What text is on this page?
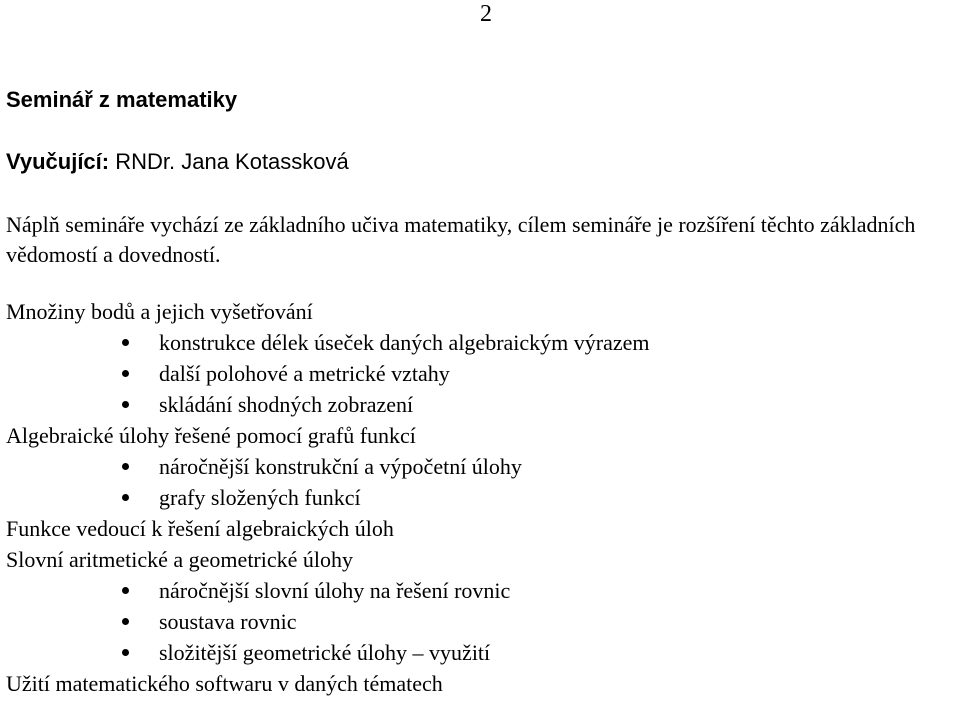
2
Seminář z matematiky
Vyučující: RNDr. Jana Kotassková
Náplň semináře vychází ze základního učiva matematiky, cílem semináře je rozšíření těchto základních vědomostí a dovedností.
Množiny bodů a jejich vyšetřování
konstrukce délek úseček daných algebraickým výrazem
další polohové a metrické vztahy
skládání shodných zobrazení
Algebraické úlohy řešené pomocí grafů funkcí
náročnější konstrukční a výpočetní úlohy
grafy složených funkcí
Funkce vedoucí k řešení algebraických úloh
Slovní aritmetické a geometrické úlohy
náročnější slovní úlohy na řešení rovnic
soustava rovnic
složitější geometrické úlohy – využití
Užití matematického softwaru v daných tématech
